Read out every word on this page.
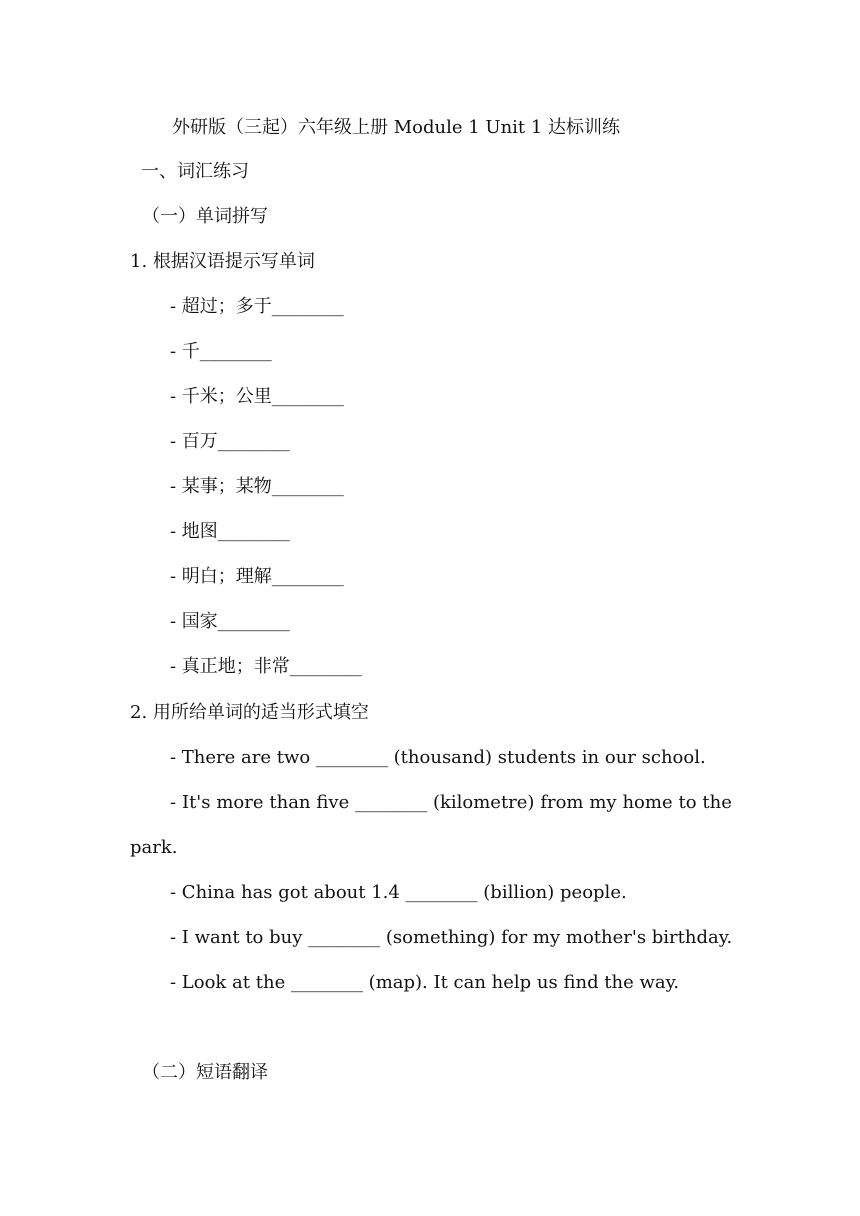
外研版（三起）六年级上册 Module 1 Unit 1 达标训练
一、词汇练习
（一）单词拼写
1. 根据汉语提示写单词
- 超过；多于________
- 千________
- 千米；公里________
- 百万________
- 某事；某物________
- 地图________
- 明白；理解________
- 国家________
- 真正地；非常________
2. 用所给单词的适当形式填空
- There are two ________ (thousand) students in our school.
- It's more than five ________ (kilometre) from my home to the
park.
- China has got about 1.4 ________ (billion) people.
- I want to buy ________ (something) for my mother's birthday.
- Look at the ________ (map). It can help us find the way.
（二）短语翻译
